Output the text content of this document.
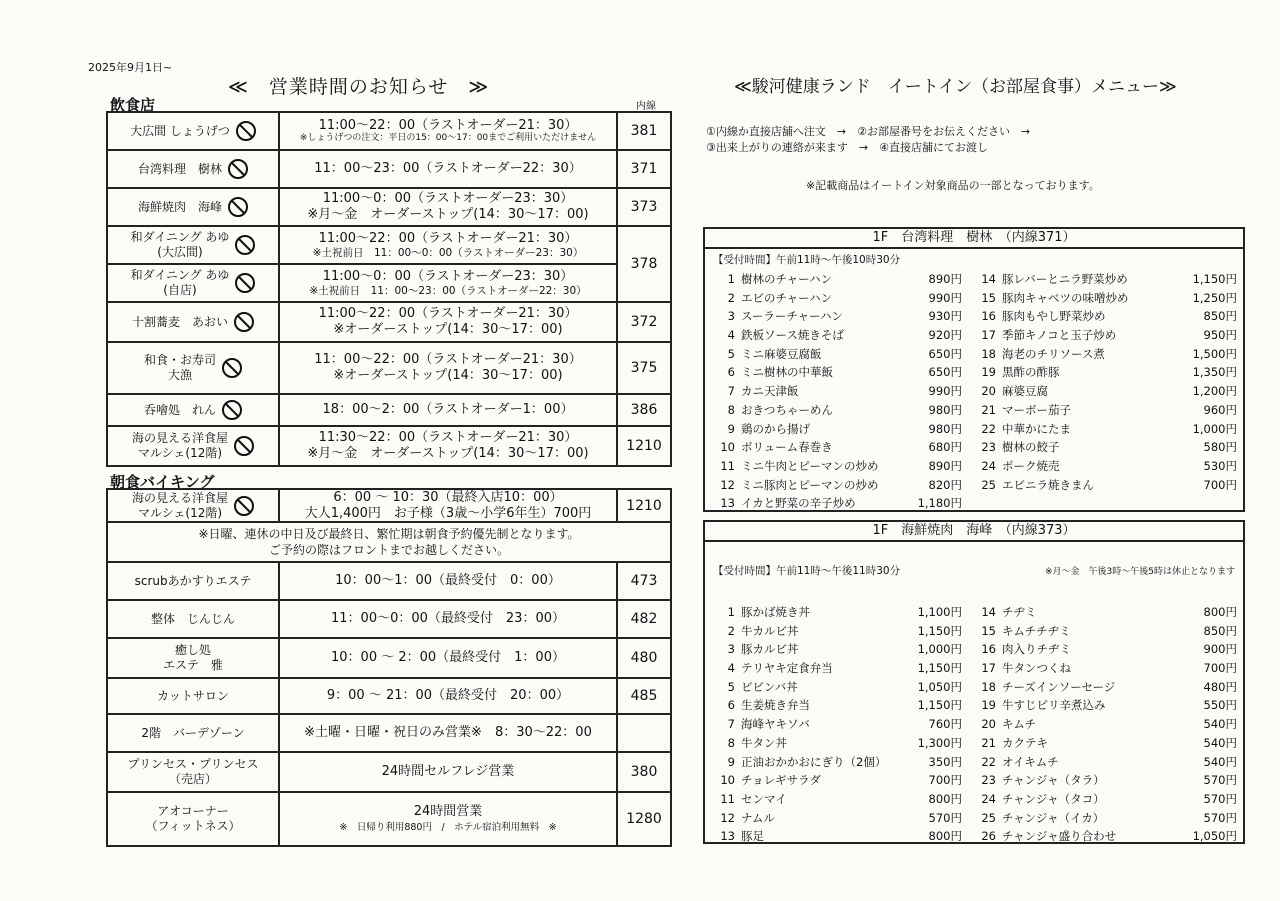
2025年9月1日~
≪　営業時間のお知らせ　≫	≪駿河健康ランド　イートイン（お部屋食事）メニュー≫
飲食店	内線
大広間 しょうげつ	11:00～22：00（ラストオーダー21：30）
※しょうげつの注文：平日の15：00～17：00までご利用いただけません	381

台湾料理　樹林	11：00～23：00（ラストオーダー22：30）	371

海鮮焼肉　海峰	11:00～0：00（ラストオーダー23：30）
※月～金　オーダーストップ(14：30～17：00)	373

和ダイニング あゆ
(大広間)	11:00～22：00（ラストオーダー21：30）
※土祝前日　11：00～0：00（ラストオーダー23：30）	378

和ダイニング あゆ
(自店)	11:00～0：00（ラストオーダー23：30）
※土祝前日　11：00～23：00（ラストオーダー22：30）	

十割蕎麦　あおい	11:00～22：00（ラストオーダー21：30）
※オーダーストップ(14：30～17：00)	372

和食・お寿司
大漁	11：00～22：00（ラストオーダー21：30）
※オーダーストップ(14：30～17：00)	375

呑噲処　れん	18：00～2：00（ラストオーダー1：00）	386

海の見える洋食屋
マルシェ(12階)	11:30～22：00（ラストオーダー21：30）
※月～金　オーダーストップ(14：30～17：00)	1210
朝食バイキング
海の見える洋食屋
マルシェ(12階)	6：00 ～ 10：30（最終入店10：00）
大人1,400円　お子様（3歳～小学6年生）700円	1210
※日曜、連休の中日及び最終日、繁忙期は朝食予約優先制となります。
ご予約の際はフロントまでお越しください。		
scrubあかすりエステ	10：00～1：00（最終受付　0：00）	473
整体　じんじん	11：00～0：00（最終受付　23：00）	482
癒し処
エステ　雅	10：00 ～ 2：00（最終受付　1：00）	480
カットサロン	9：00 ～ 21：00（最終受付　20：00）	485
2階　バーデゾーン	※土曜・日曜・祝日のみ営業※　8：30～22：00	
プリンセス・プリンセス
（売店）	24時間セルフレジ営業	380
アオコーナー
（フィットネス）	24時間営業
※　日帰り利用880円　/　ホテル宿泊利用無料　※	1280
①内線か直接店舗へ注文　→　②お部屋番号をお伝えください　→
③出来上がりの連絡が来ます　→　④直接店舗にてお渡し
※記載商品はイートイン対象商品の一部となっております。
1F　台湾料理　樹林　（内線371）
【受付時間】午前11時～午後10時30分
1 樹林のチャーハン	890円
2 エビのチャーハン	990円
3 スーラーチャーハン	930円
4 鉄板ソース焼きそば	920円
5 ミニ麻婆豆腐飯	650円
6 ミニ樹林の中華飯	650円
7 カニ天津飯	990円
8 おきつちゃーめん	980円
9 鶏のから揚げ	980円
10 ボリューム春巻き	680円
11 ミニ牛肉とピーマンの炒め	890円
12 ミニ豚肉とピーマンの炒め	820円
13 イカと野菜の辛子炒め	1,180円
14 豚レバーとニラ野菜炒め	1,150円
15 豚肉キャベツの味噌炒め	1,250円
16 豚肉もやし野菜炒め	850円
17 季節キノコと玉子炒め	950円
18 海老のチリソース煮	1,500円
19 黒酢の酢豚	1,350円
20 麻婆豆腐	1,200円
21 マーボー茄子	960円
22 中華かにたま	1,000円
23 樹林の餃子	580円
24 ポーク焼売	530円
25 エビニラ焼きまん	700円
1F　海鮮焼肉　海峰　（内線373）
【受付時間】午前11時～午後11時30分	※月～金　午後3時～午後5時は休止となります
1 豚かば焼き丼	1,100円
2 牛カルビ丼	1,150円
3 豚カルビ丼	1,000円
4 テリヤキ定食弁当	1,150円
5 ビビンバ丼	1,050円
6 生姜焼き弁当	1,150円
7 海峰ヤキソバ	760円
8 牛タン丼	1,300円
9 正油おかかおにぎり（2個）	350円
10 チョレギサラダ	700円
11 センマイ	800円
12 ナムル	570円
13 豚足	800円
14 チヂミ	800円
15 キムチチヂミ	850円
16 肉入りチヂミ	900円
17 牛タンつくね	700円
18 チーズインソーセージ	480円
19 牛すじピリ辛煮込み	550円
20 キムチ	540円
21 カクテキ	540円
22 オイキムチ	540円
23 チャンジャ（タラ）	570円
24 チャンジャ（タコ）	570円
25 チャンジャ（イカ）	570円
26 チャンジャ盛り合わせ	1,050円
